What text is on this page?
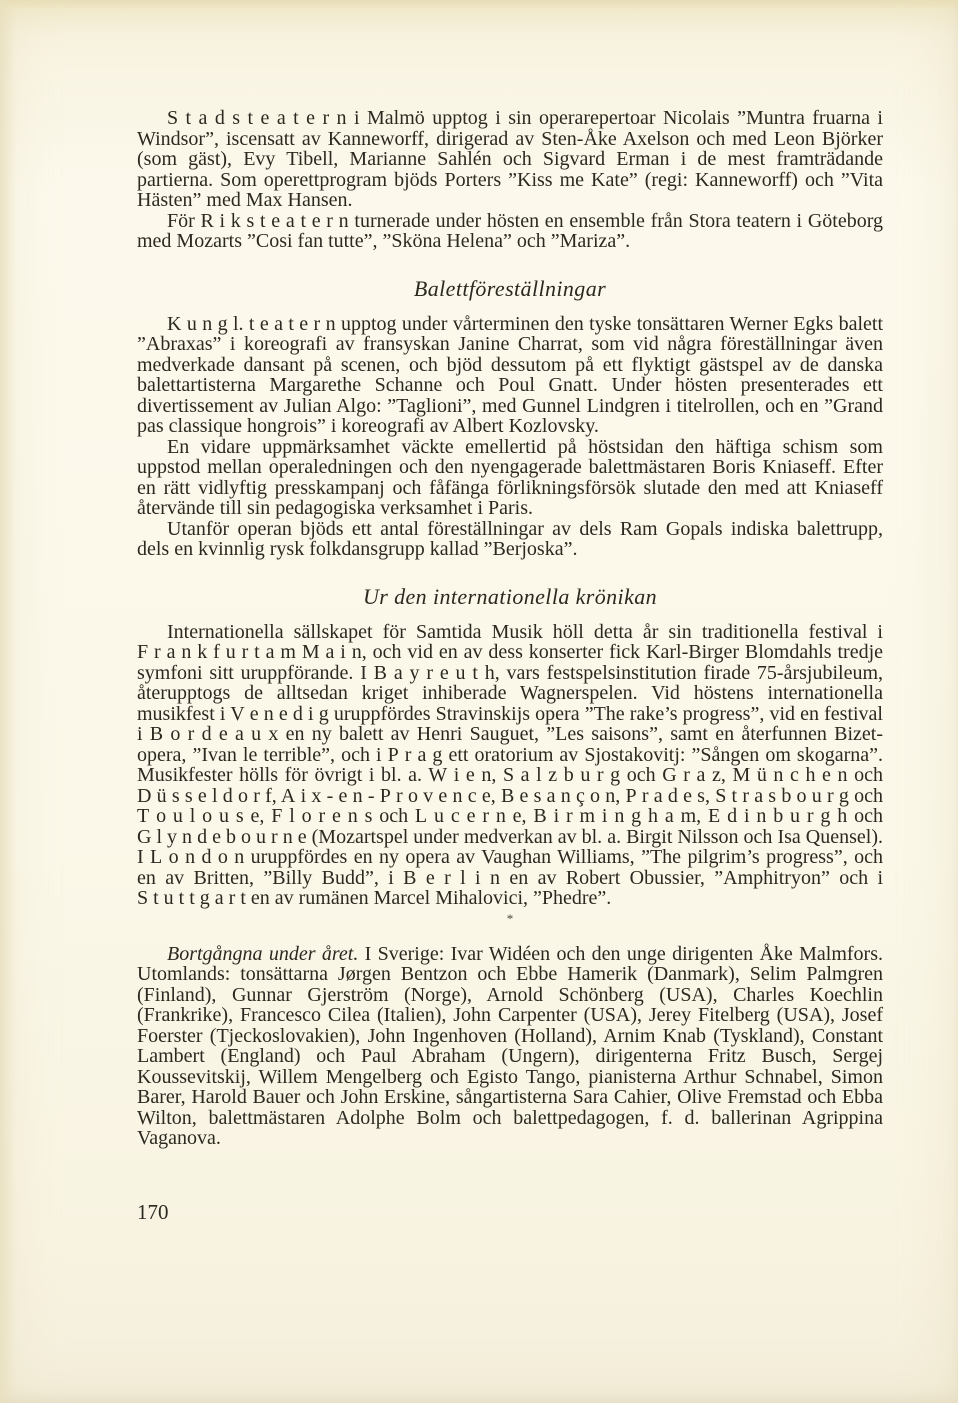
S t a d s t e a t e r n i Malmö upptog i sin operarepertoar Nicolais ”Muntra fruarna i Windsor”, iscensatt av Kanneworff, dirigerad av Sten-Åke Axelson och med Leon Björker (som gäst), Evy Tibell, Marianne Sahlén och Sigvard Erman i de mest framträdande partierna. Som operettprogram bjöds Porters ”Kiss me Kate” (regi: Kanneworff) och ”Vita Hästen” med Max Hansen.

För R i k s t e a t e r n turnerade under hösten en ensemble från Stora teatern i Göteborg med Mozarts ”Cosi fan tutte”, ”Sköna Helena” och ”Mariza”.

Balettföreställningar

K u n g l. t e a t e r n upptog under vårterminen den tyske tonsättaren Werner Egks balett ”Abraxas” i koreografi av fransyskan Janine Charrat, som vid några föreställningar även medverkade dansant på scenen, och bjöd dessutom på ett flyktigt gästspel av de danska balettartisterna Margarethe Schanne och Poul Gnatt. Under hösten presenterades ett divertissement av Julian Algo: ”Taglioni”, med Gunnel Lindgren i titelrollen, och en ”Grand pas classique hongrois” i koreografi av Albert Kozlovsky.

En vidare uppmärksamhet väckte emellertid på höstsidan den häftiga schism som uppstod mellan operaledningen och den nyengagerade balettmästaren Boris Kniaseff. Efter en rätt vidlyftig presskampanj och fåfänga förlikningsförsök slutade den med att Kniaseff återvände till sin pedagogiska verksamhet i Paris.

Utanför operan bjöds ett antal föreställningar av dels Ram Gopals indiska balettrupp, dels en kvinnlig rysk folkdansgrupp kallad ”Berjoska”.

Ur den internationella krönikan

Internationella sällskapet för Samtida Musik höll detta år sin traditionella festival i F r a n k f u r t a m M a i n, och vid en av dess konserter fick Karl-Birger Blomdahls tredje symfoni sitt uruppförande. I B a y r e u t h, vars festspelsinstitution firade 75-årsjubileum, återupptogs de alltsedan kriget inhiberade Wagnerspelen. Vid höstens internationella musikfest i V e n e d i g uruppfördes Stravinskijs opera ”The rake’s progress”, vid en festival i B o r d e a u x en ny balett av Henri Sauguet, ”Les saisons”, samt en återfunnen Bizet-opera, ”Ivan le terrible”, och i P r a g ett oratorium av Sjostakovitj: ”Sången om skogarna”. Musikfester hölls för övrigt i bl. a. W i e n, S a l z b u r g och G r a z, M ü n c h e n och D ü s s e l d o r f, A i x - e n - P r o v e n c e, B e s a n ç o n, P r a d e s, S t r a s b o u r g och T o u l o u s e, F l o r e n s och L u c e r n e, B i r m i n g h a m, E d i n b u r g h och G l y n d e b o u r n e (Mozartspel under medverkan av bl. a. Birgit Nilsson och Isa Quensel). I L o n d o n uruppfördes en ny opera av Vaughan Williams, ”The pilgrim’s progress”, och en av Britten, ”Billy Budd”, i B e r l i n en av Robert Obussier, ”Amphitryon” och i S t u t t g a r t en av rumänen Marcel Mihalovici, ”Phedre”.

*

Bortgångna under året. I Sverige: Ivar Widéen och den unge dirigenten Åke Malmfors. Utomlands: tonsättarna Jørgen Bentzon och Ebbe Hamerik (Danmark), Selim Palmgren (Finland), Gunnar Gjerström (Norge), Arnold Schönberg (USA), Charles Koechlin (Frankrike), Francesco Cilea (Italien), John Carpenter (USA), Jerey Fitelberg (USA), Josef Foerster (Tjeckoslovakien), John Ingenhoven (Holland), Arnim Knab (Tyskland), Constant Lambert (England) och Paul Abraham (Ungern), dirigenterna Fritz Busch, Sergej Koussevitskij, Willem Mengelberg och Egisto Tango, pianisterna Arthur Schnabel, Simon Barer, Harold Bauer och John Erskine, sångartisterna Sara Cahier, Olive Fremstad och Ebba Wilton, balettmästaren Adolphe Bolm och balettpedagogen, f. d. ballerinan Agrippina Vaganova.

170
